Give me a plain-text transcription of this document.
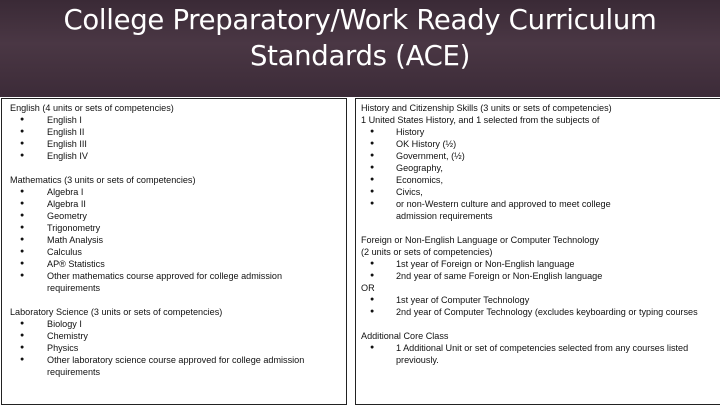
College Preparatory/Work Ready Curriculum
Standards (ACE)
English (4 units or sets of competencies)
● English I
● English II
● English III
● English IV
Mathematics (3 units or sets of competencies)
● Algebra I
● Algebra II
● Geometry
● Trigonometry
● Math Analysis
● Calculus
● AP® Statistics
● Other mathematics course approved for college admission requirements
Laboratory Science (3 units or sets of competencies)
● Biology I
● Chemistry
● Physics
● Other laboratory science course approved for college admission requirements
History and Citizenship Skills (3 units or sets of competencies)
1 United States History, and 1 selected from the subjects of
● History
● OK History (½)
● Government, (½)
● Geography,
● Economics,
● Civics,
● or non-Western culture and approved to meet college admission requirements
Foreign or Non-English Language or Computer Technology
(2 units or sets of competencies)
● 1st year of Foreign or Non-English language
● 2nd year of same Foreign or Non-English language
OR
● 1st year of Computer Technology
● 2nd year of Computer Technology (excludes keyboarding or typing courses
Additional Core Class
● 1 Additional Unit or set of competencies selected from any courses listed previously.
